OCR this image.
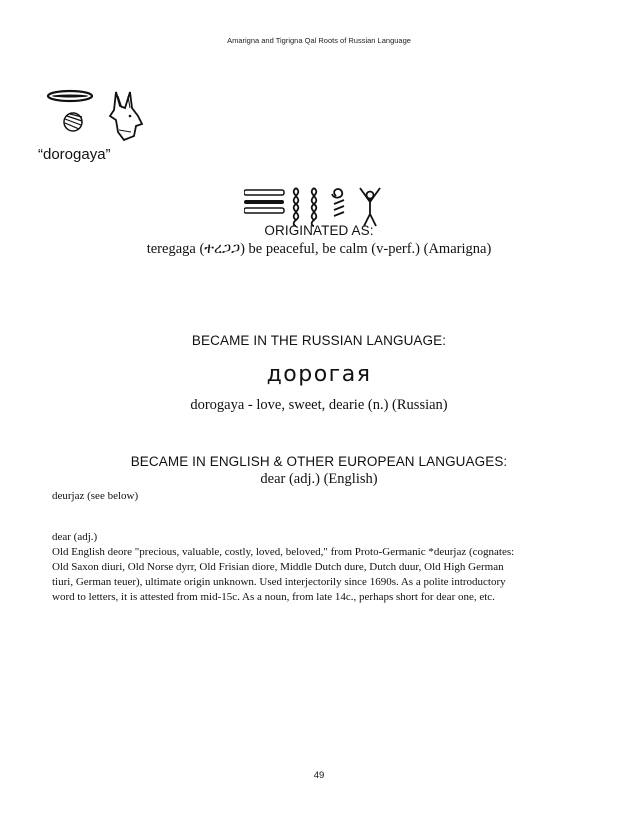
Amarigna and Tigrigna Qal Roots of Russian Language
“dorogaya”
ORIGINATED AS:
teregaga (ተረጋጋ) be peaceful, be calm (v-perf.) (Amarigna)
BECAME IN THE RUSSIAN LANGUAGE:
дорогая
dorogaya - love, sweet, dearie (n.) (Russian)
BECAME IN ENGLISH & OTHER EUROPEAN LANGUAGES:
dear (adj.) (English)
deurjaz (see below)
dear (adj.)
Old English deore "precious, valuable, costly, loved, beloved," from Proto-Germanic *deurjaz (cognates:
Old Saxon diuri, Old Norse dyrr, Old Frisian diore, Middle Dutch dure, Dutch duur, Old High German
tiuri, German teuer), ultimate origin unknown. Used interjectorily since 1690s. As a polite introductory
word to letters, it is attested from mid-15c. As a noun, from late 14c., perhaps short for dear one, etc.
49
